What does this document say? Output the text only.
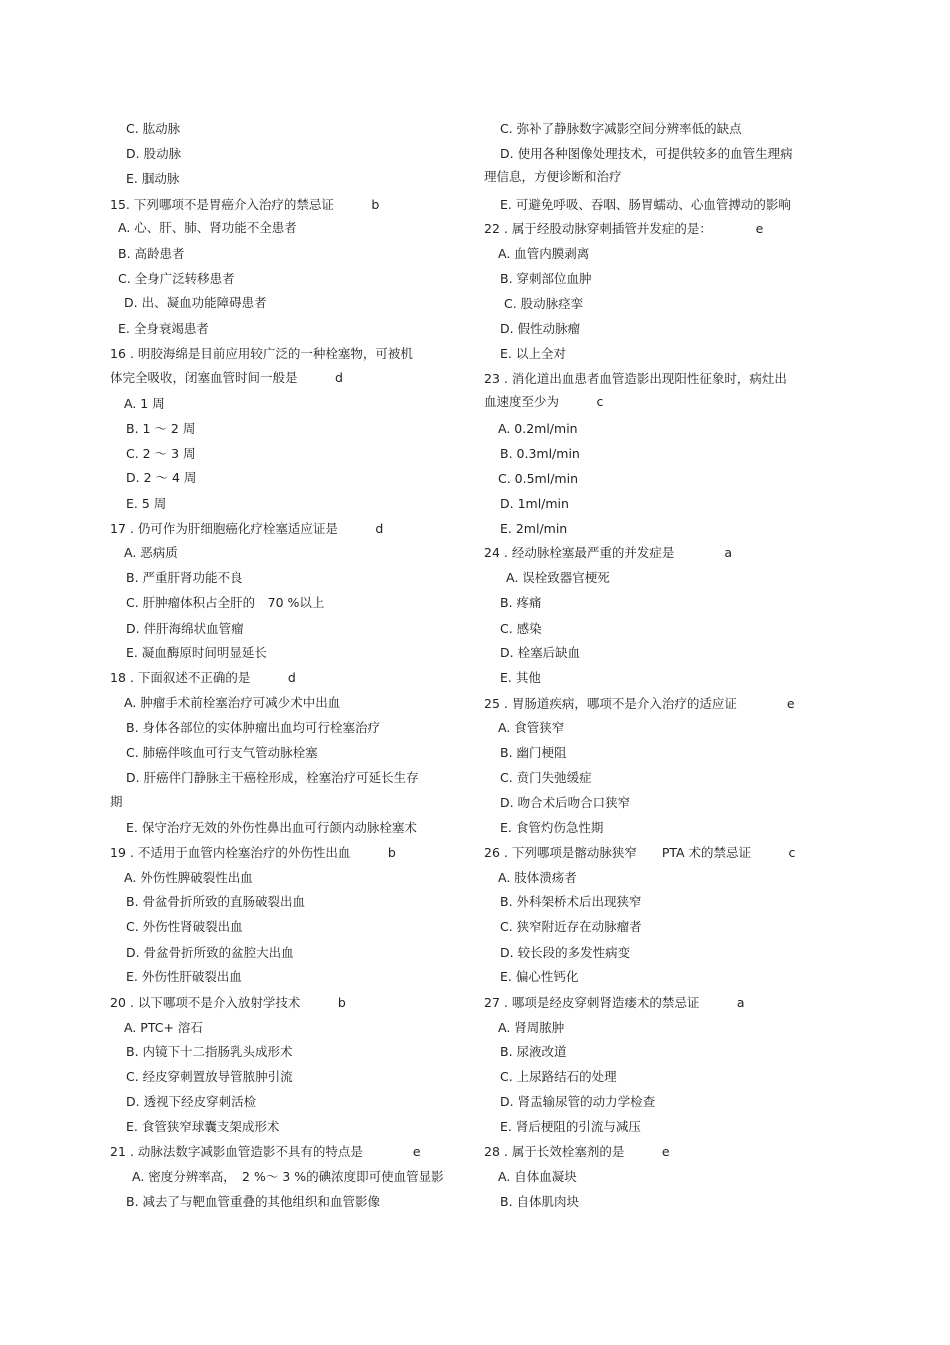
C. 肱动脉
D. 股动脉
E. 腘动脉
15. 下列哪项不是胃癌介入治疗的禁忌证　　　b
A. 心、肝、肺、肾功能不全患者
B. 高龄患者
C. 全身广泛转移患者
D. 出、凝血功能障碍患者
E. 全身衰竭患者
16 . 明胶海绵是目前应用较广泛的一种栓塞物，可被机
体完全吸收，闭塞血管时间一般是　　　d
A. 1 周
B. 1 ～ 2 周
C. 2 ～ 3 周
D. 2 ～ 4 周
E. 5 周
17 . 仍可作为肝细胞癌化疗栓塞适应证是　　　d
A. 恶病质
B. 严重肝肾功能不良
C. 肝肿瘤体积占全肝的　70 %以上
D. 伴肝海绵状血管瘤
E. 凝血酶原时间明显延长
18 . 下面叙述不正确的是　　　d
A. 肿瘤手术前栓塞治疗可减少术中出血
B. 身体各部位的实体肿瘤出血均可行栓塞治疗
C. 肺癌伴咳血可行支气管动脉栓塞
D. 肝癌伴门静脉主干癌栓形成，栓塞治疗可延长生存
期
E. 保守治疗无效的外伤性鼻出血可行颌内动脉栓塞术
19 . 不适用于血管内栓塞治疗的外伤性出血　　　b
A. 外伤性脾破裂性出血
B. 骨盆骨折所致的直肠破裂出血
C. 外伤性肾破裂出血
D. 骨盆骨折所致的盆腔大出血
E. 外伤性肝破裂出血
20 . 以下哪项不是介入放射学技术　　　b
A. PTC+ 溶石
B. 内镜下十二指肠乳头成形术
C. 经皮穿刺置放导管脓肿引流
D. 透视下经皮穿刺活检
E. 食管狭窄球囊支架成形术
21 . 动脉法数字减影血管造影不具有的特点是　　　　e
A. 密度分辨率高，　2 %～ 3 %的碘浓度即可使血管显影
B. 减去了与靶血管重叠的其他组织和血管影像
C. 弥补了静脉数字减影空间分辨率低的缺点
D. 使用各种图像处理技术，可提供较多的血管生理病
理信息，方便诊断和治疗
E. 可避免呼吸、吞咽、肠胃蠕动、心血管搏动的影响
22 . 属于经股动脉穿刺插管并发症的是：　　　　e
A. 血管内膜剥离
B. 穿刺部位血肿
C. 股动脉痉挛
D. 假性动脉瘤
E. 以上全对
23 . 消化道出血患者血管造影出现阳性征象时，病灶出
血速度至少为　　　c
A. 0.2ml/min
B. 0.3ml/min
C. 0.5ml/min
D. 1ml/min
E. 2ml/min
24 . 经动脉栓塞最严重的并发症是　　　　a
A. 误栓致器官梗死
B. 疼痛
C. 感染
D. 栓塞后缺血
E. 其他
25 . 胃肠道疾病，哪项不是介入治疗的适应证　　　　e
A. 食管狭窄
B. 幽门梗阻
C. 贲门失弛缓症
D. 吻合术后吻合口狭窄
E. 食管灼伤急性期
26 . 下列哪项是髂动脉狭窄　　PTA 术的禁忌证　　　c
A. 肢体溃疡者
B. 外科架桥术后出现狭窄
C. 狭窄附近存在动脉瘤者
D. 较长段的多发性病变
E. 偏心性钙化
27 . 哪项是经皮穿刺肾造瘘术的禁忌证　　　a
A. 肾周脓肿
B. 尿液改道
C. 上尿路结石的处理
D. 肾盂输尿管的动力学检查
E. 肾后梗阻的引流与减压
28 . 属于长效栓塞剂的是　　　e
A. 自体血凝块
B. 自体肌肉块
